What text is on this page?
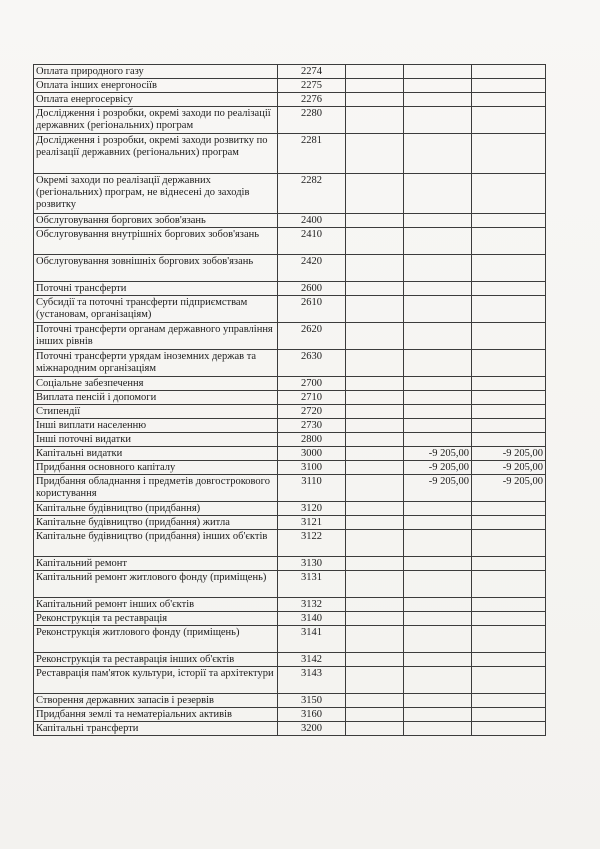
Оплата природного газу	2274			
Оплата інших енергоносіїв	2275			
Оплата енергосервісу	2276			
Дослідження і розробки, окремі заходи по реалізації державних (регіональних) програм	2280			
Дослідження і розробки, окремі заходи розвитку по реалізації державних (регіональних) програм	2281			
Окремі заходи по реалізації державних (регіональних) програм, не віднесені до заходів розвитку	2282			
Обслуговування боргових зобов'язань	2400			
Обслуговування внутрішніх боргових зобов'язань	2410			
Обслуговування зовнішніх боргових зобов'язань	2420			
Поточні трансферти	2600			
Субсидії та поточні трансферти підприємствам (установам, організаціям)	2610			
Поточні трансферти органам державного управління інших рівнів	2620			
Поточні трансферти урядам іноземних держав та міжнародним організаціям	2630			
Соціальне забезпечення	2700			
Виплата пенсій і допомоги	2710			
Стипендії	2720			
Інші виплати населенню	2730			
Інші поточні видатки	2800			
Капітальні видатки	3000		-9 205,00	-9 205,00
Придбання основного капіталу	3100		-9 205,00	-9 205,00
Придбання обладнання і предметів довгострокового користування	3110		-9 205,00	-9 205,00
Капітальне будівництво (придбання)	3120			
Капітальне будівництво (придбання) житла	3121			
Капітальне будівництво (придбання) інших об'єктів	3122			
Капітальний ремонт	3130			
Капітальний ремонт житлового фонду (приміщень)	3131			
Капітальний ремонт інших об'єктів	3132			
Реконструкція та реставрація	3140			
Реконструкція житлового фонду (приміщень)	3141			
Реконструкція та реставрація інших об'єктів	3142			
Реставрація пам'яток культури, історії та архітектури	3143			
Створення державних запасів і резервів	3150			
Придбання землі та нематеріальних активів	3160			
Капітальні трансферти	3200			
